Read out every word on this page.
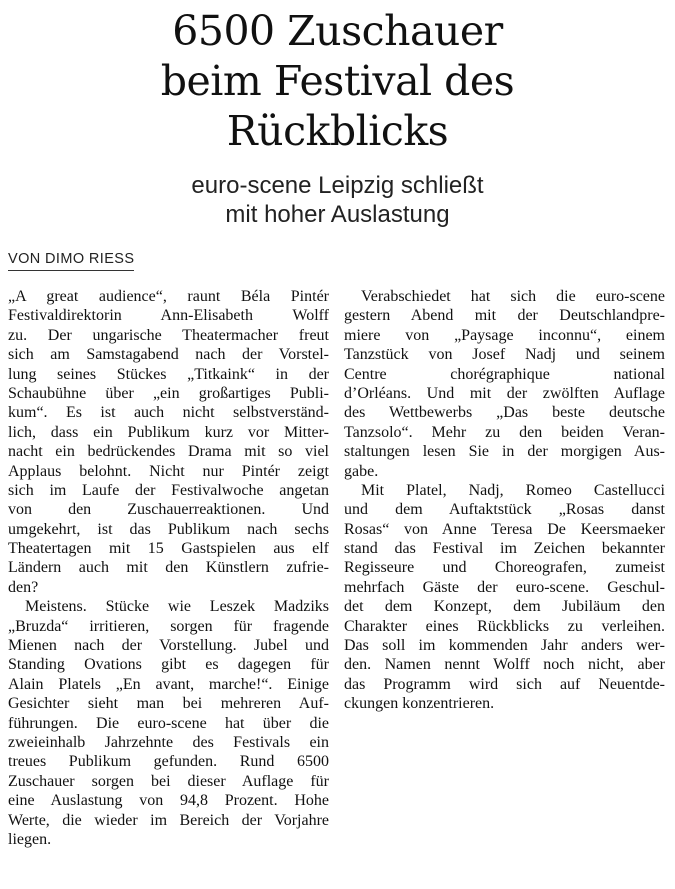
6500 Zuschauer
beim Festival des
Rückblicks
euro-scene Leipzig schließt
mit hoher Auslastung
VON DIMO RIESS
„A great audience“, raunt Béla Pintér
Festivaldirektorin Ann-Elisabeth Wolff
zu. Der ungarische Theatermacher freut
sich am Samstagabend nach der Vorstel-
lung seines Stückes „Titkaink“ in der
Schaubühne über „ein großartiges Publi-
kum“. Es ist auch nicht selbstverständ-
lich, dass ein Publikum kurz vor Mitter-
nacht ein bedrückendes Drama mit so viel
Applaus belohnt. Nicht nur Pintér zeigt
sich im Laufe der Festivalwoche angetan
von den Zuschauerreaktionen. Und
umgekehrt, ist das Publikum nach sechs
Theatertagen mit 15 Gastspielen aus elf
Ländern auch mit den Künstlern zufrie-
den?
Meistens. Stücke wie Leszek Madziks
„Bruzda“ irritieren, sorgen für fragende
Mienen nach der Vorstellung. Jubel und
Standing Ovations gibt es dagegen für
Alain Platels „En avant, marche!“. Einige
Gesichter sieht man bei mehreren Auf-
führungen. Die euro-scene hat über die
zweieinhalb Jahrzehnte des Festivals ein
treues Publikum gefunden. Rund 6500
Zuschauer sorgen bei dieser Auflage für
eine Auslastung von 94,8 Prozent. Hohe
Werte, die wieder im Bereich der Vorjahre
liegen.
Verabschiedet hat sich die euro-scene
gestern Abend mit der Deutschlandpre-
miere von „Paysage inconnu“, einem
Tanzstück von Josef Nadj und seinem
Centre chorégraphique national
d’Orléans. Und mit der zwölften Auflage
des Wettbewerbs „Das beste deutsche
Tanzsolo“. Mehr zu den beiden Veran-
staltungen lesen Sie in der morgigen Aus-
gabe.
Mit Platel, Nadj, Romeo Castellucci
und dem Auftaktstück „Rosas danst
Rosas“ von Anne Teresa De Keersmaeker
stand das Festival im Zeichen bekannter
Regisseure und Choreografen, zumeist
mehrfach Gäste der euro-scene. Geschul-
det dem Konzept, dem Jubiläum den
Charakter eines Rückblicks zu verleihen.
Das soll im kommenden Jahr anders wer-
den. Namen nennt Wolff noch nicht, aber
das Programm wird sich auf Neuentde-
ckungen konzentrieren.
